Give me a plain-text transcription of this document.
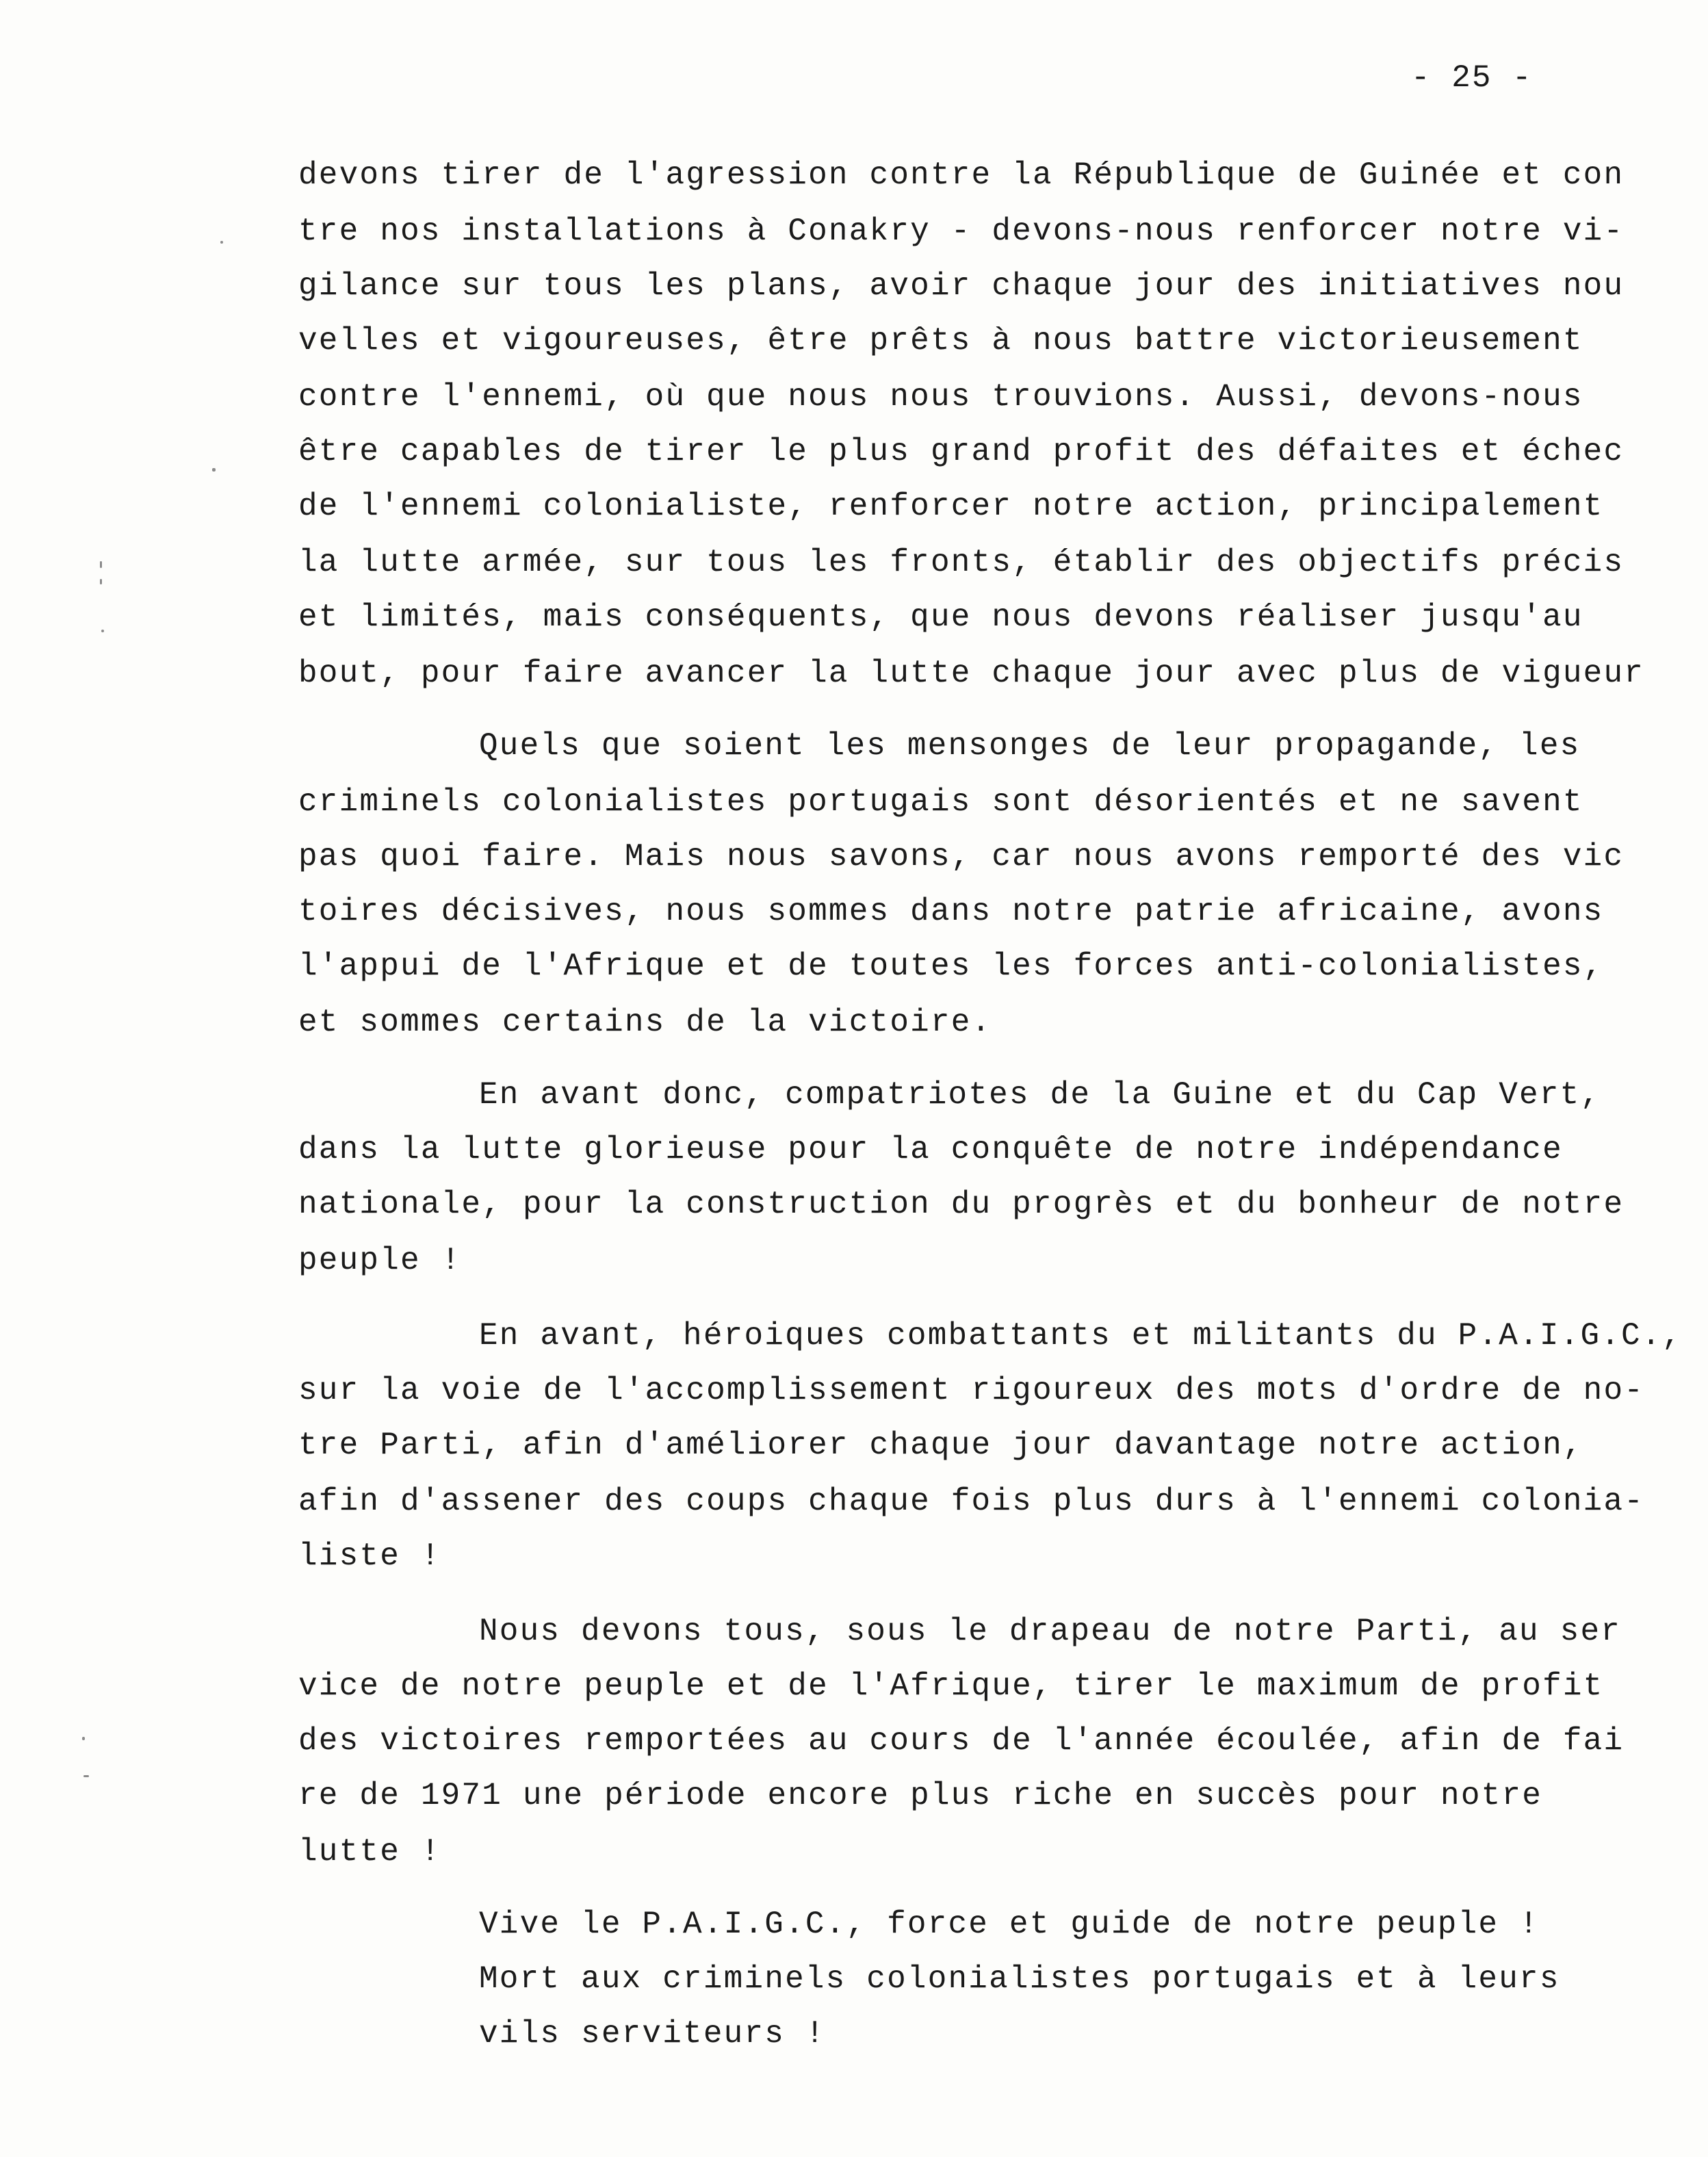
- 25 -
devons tirer de l'agression contre la République de Guinée et con
tre nos installations à Conakry - devons-nous renforcer notre vi-
gilance sur tous les plans, avoir chaque jour des initiatives nou
velles et vigoureuses, être prêts à nous battre victorieusement
contre l'ennemi, où que nous nous trouvions. Aussi, devons-nous
être capables de tirer le plus grand profit des défaites et échec
de l'ennemi colonialiste, renforcer notre action, principalement
la lutte armée, sur tous les fronts, établir des objectifs précis
et limités, mais conséquents, que nous devons réaliser jusqu'au
bout, pour faire avancer la lutte chaque jour avec plus de vigueur
Quels que soient les mensonges de leur propagande, les
criminels colonialistes portugais sont désorientés et ne savent
pas quoi faire. Mais nous savons, car nous avons remporté des vic
toires décisives, nous sommes dans notre patrie africaine, avons
l'appui de l'Afrique et de toutes les forces anti-colonialistes,
et sommes certains de la victoire.
En avant donc, compatriotes de la Guine et du Cap Vert,
dans la lutte glorieuse pour la conquête de notre indépendance
nationale, pour la construction du progrès et du bonheur de notre
peuple !
En avant, héroiques combattants et militants du P.A.I.G.C.,
sur la voie de l'accomplissement rigoureux des mots d'ordre de no-
tre Parti, afin d'améliorer chaque jour davantage notre action,
afin d'assener des coups chaque fois plus durs à l'ennemi colonia-
liste !
Nous devons tous, sous le drapeau de notre Parti, au ser
vice de notre peuple et de l'Afrique, tirer le maximum de profit
des victoires remportées au cours de l'année écoulée, afin de fai
re de 1971 une période encore plus riche en succès pour notre
lutte !
Vive le P.A.I.G.C., force et guide de notre peuple !
Mort aux criminels colonialistes portugais et à leurs
vils serviteurs !
